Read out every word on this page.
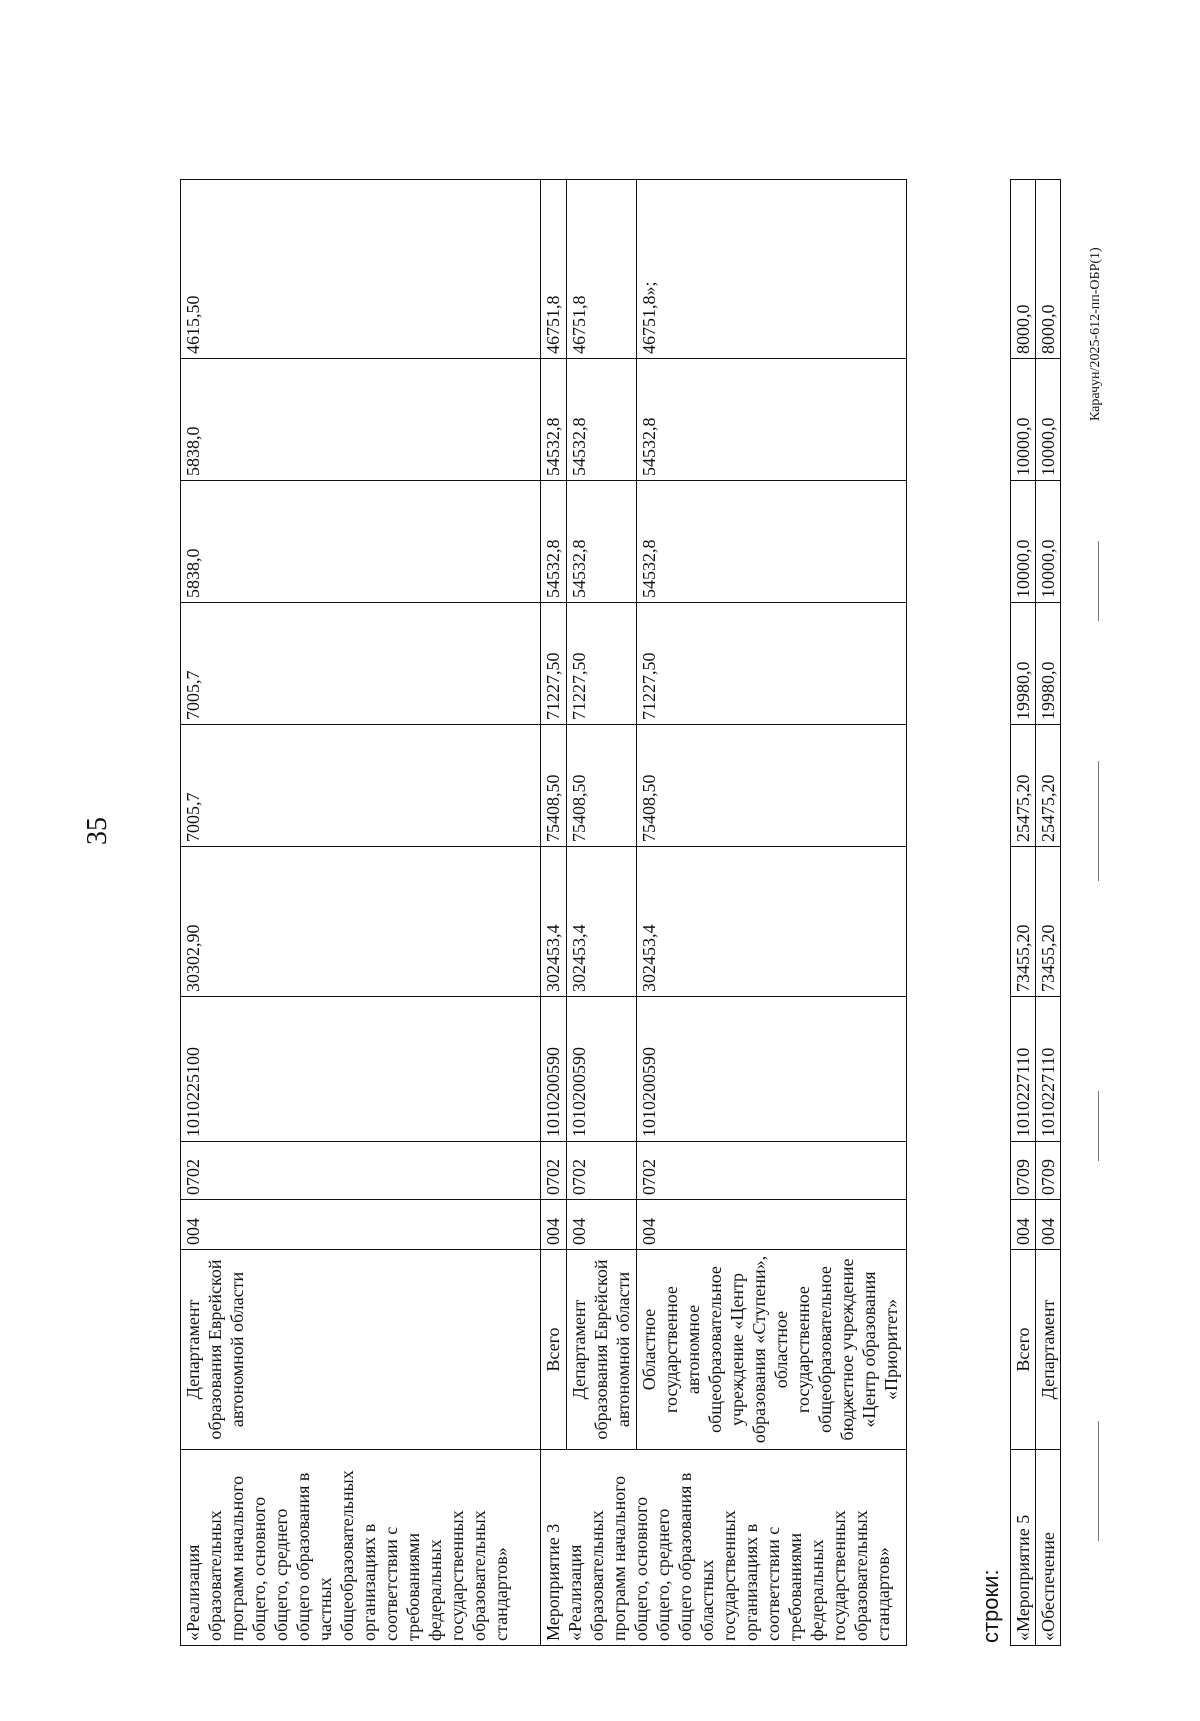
35
«Реализация образовательных программ начального общего, основного общего, среднего общего образования в частных общеобразовательных организациях в соответствии с требованиями федеральных государственных образовательных стандартов»	Департамент образования Еврейской автономной области	004	0702	1010225100	30302,90	7005,7	7005,7	5838,0	5838,0	4615,50
Мероприятие 3 «Реализация образовательных программ начального общего, основного общего, среднего общего образования в областных государственных организациях в соответствии с требованиями федеральных государственных образовательных стандартов»	Всего	004	0702	1010200590	302453,4	75408,50	71227,50	54532,8	54532,8	46751,8
	Департамент образования Еврейской автономной области	004	0702	1010200590	302453,4	75408,50	71227,50	54532,8	54532,8	46751,8
	Областное государственное автономное общеобразовательное учреждение «Центр образования «Ступени», областное государственное общеобразовательное бюджетное учреждение «Центр образования «Приоритет»	004	0702	1010200590	302453,4	75408,50	71227,50	54532,8	54532,8	46751,8»;
строки: «Мероприятие 5	Всего	004	0709	1010227110	73455,20	25475,20	19980,0	10000,0	10000,0	8000,0
«Обеспечение	Департамент	004	0709	1010227110	73455,20	25475,20	19980,0	10000,0	10000,0	8000,0 Карачун/2025-612-пп-ОБР(1)
